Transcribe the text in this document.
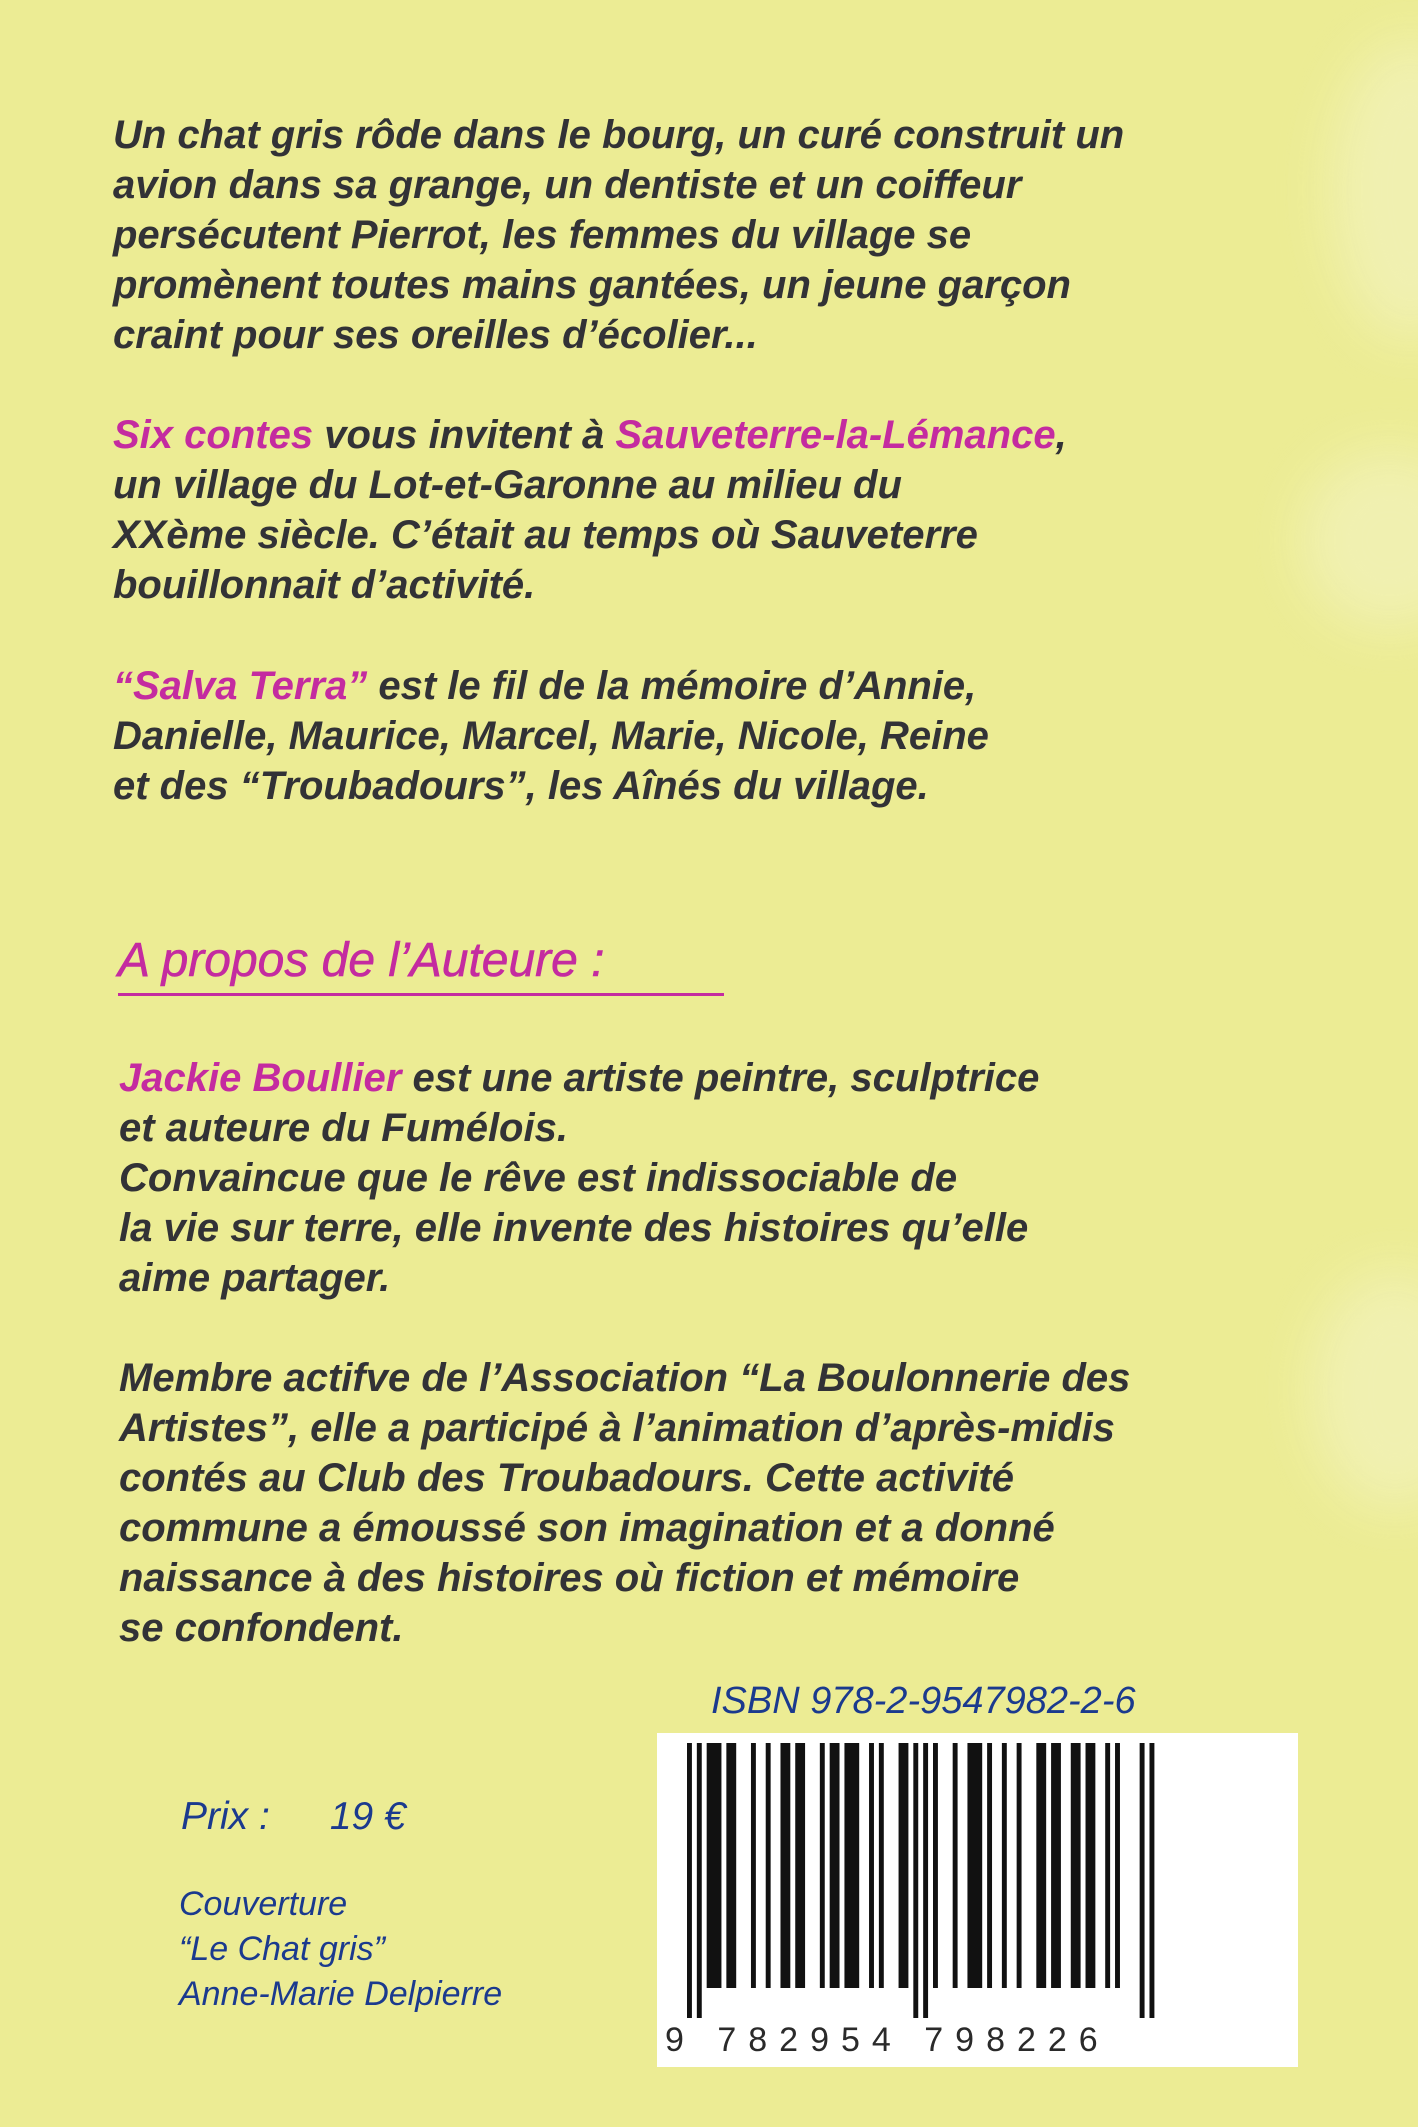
Un chat gris rôde dans le bourg, un curé construit un
avion dans sa grange, un dentiste et un coiffeur
persécutent Pierrot, les femmes du village se
promènent toutes mains gantées, un jeune garçon
craint pour ses oreilles d’écolier...

Six contes vous invitent à Sauveterre-la-Lémance,
un village du Lot-et-Garonne au milieu du
XXème siècle. C’était au temps où Sauveterre
bouillonnait d’activité.

“Salva Terra” est le fil de la mémoire d’Annie,
Danielle, Maurice, Marcel, Marie, Nicole, Reine
et des “Troubadours”, les Aînés du village.

A propos de l’Auteure :

Jackie Boullier est une artiste peintre, sculptrice
et auteure du Fumélois.
Convaincue que le rêve est indissociable de
la vie sur terre, elle invente des histoires qu’elle
aime partager.

Membre actifve de l’Association “La Boulonnerie des
Artistes”, elle a participé à l’animation d’après-midis
contés au Club des Troubadours. Cette activité
commune a émoussé son imagination et a donné
naissance à des histoires où fiction et mémoire
se confondent.

ISBN 978-2-9547982-2-6

Prix : 19 €

Couverture
“Le Chat gris”
Anne-Marie Delpierre

9 782954 798226
